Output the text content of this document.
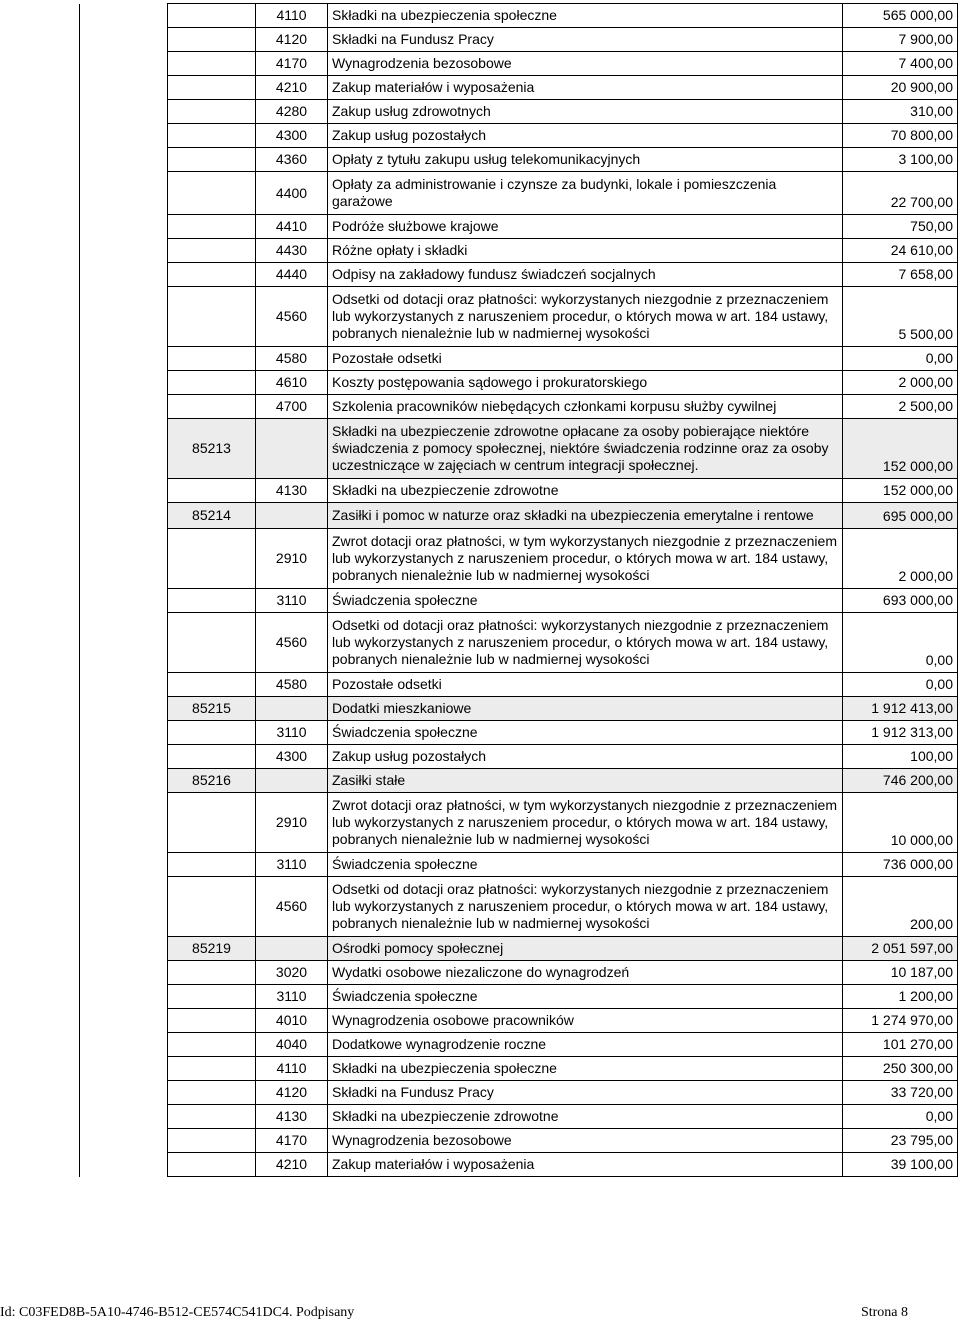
		4110	Składki na ubezpieczenia społeczne	565 000,00
		4120	Składki na Fundusz Pracy	7 900,00
		4170	Wynagrodzenia bezosobowe	7 400,00
		4210	Zakup materiałów i wyposażenia	20 900,00
		4280	Zakup usług zdrowotnych	310,00
		4300	Zakup usług pozostałych	70 800,00
		4360	Opłaty z tytułu zakupu usług telekomunikacyjnych	3 100,00
		4400	Opłaty za administrowanie i czynsze za budynki, lokale i pomieszczenia garażowe	22 700,00
		4410	Podróże służbowe krajowe	750,00
		4430	Różne opłaty i składki	24 610,00
		4440	Odpisy na zakładowy fundusz świadczeń socjalnych	7 658,00
		4560	Odsetki od dotacji oraz płatności: wykorzystanych niezgodnie z przeznaczeniem lub wykorzystanych z naruszeniem procedur, o których mowa w art. 184 ustawy, pobranych nienależnie lub w nadmiernej wysokości	5 500,00
		4580	Pozostałe odsetki	0,00
		4610	Koszty postępowania sądowego i prokuratorskiego	2 000,00
		4700	Szkolenia pracowników niebędących członkami korpusu służby cywilnej	2 500,00
	85213		Składki na ubezpieczenie zdrowotne opłacane za osoby pobierające niektóre świadczenia z pomocy społecznej, niektóre świadczenia rodzinne oraz za osoby uczestniczące w zajęciach w centrum integracji społecznej.	152 000,00
		4130	Składki na ubezpieczenie zdrowotne	152 000,00
	85214		Zasiłki i pomoc w naturze oraz składki na ubezpieczenia emerytalne i rentowe	695 000,00
		2910	Zwrot dotacji oraz płatności, w tym wykorzystanych niezgodnie z przeznaczeniem lub wykorzystanych z naruszeniem procedur, o których mowa w art. 184 ustawy, pobranych nienależnie lub w nadmiernej wysokości	2 000,00
		3110	Świadczenia społeczne	693 000,00
		4560	Odsetki od dotacji oraz płatności: wykorzystanych niezgodnie z przeznaczeniem lub wykorzystanych z naruszeniem procedur, o których mowa w art. 184 ustawy, pobranych nienależnie lub w nadmiernej wysokości	0,00
		4580	Pozostałe odsetki	0,00
	85215		Dodatki mieszkaniowe	1 912 413,00
		3110	Świadczenia społeczne	1 912 313,00
		4300	Zakup usług pozostałych	100,00
	85216		Zasiłki stałe	746 200,00
		2910	Zwrot dotacji oraz płatności, w tym wykorzystanych niezgodnie z przeznaczeniem lub wykorzystanych z naruszeniem procedur, o których mowa w art. 184 ustawy, pobranych nienależnie lub w nadmiernej wysokości	10 000,00
		3110	Świadczenia społeczne	736 000,00
		4560	Odsetki od dotacji oraz płatności: wykorzystanych niezgodnie z przeznaczeniem lub wykorzystanych z naruszeniem procedur, o których mowa w art. 184 ustawy, pobranych nienależnie lub w nadmiernej wysokości	200,00
	85219		Ośrodki pomocy społecznej	2 051 597,00
		3020	Wydatki osobowe niezaliczone do wynagrodzeń	10 187,00
		3110	Świadczenia społeczne	1 200,00
		4010	Wynagrodzenia osobowe pracowników	1 274 970,00
		4040	Dodatkowe wynagrodzenie roczne	101 270,00
		4110	Składki na ubezpieczenia społeczne	250 300,00
		4120	Składki na Fundusz Pracy	33 720,00
		4130	Składki na ubezpieczenie zdrowotne	0,00
		4170	Wynagrodzenia bezosobowe	23 795,00
		4210	Zakup materiałów i wyposażenia	39 100,00
Id: C03FED8B-5A10-4746-B512-CE574C541DC4. Podpisany	Strona 8
